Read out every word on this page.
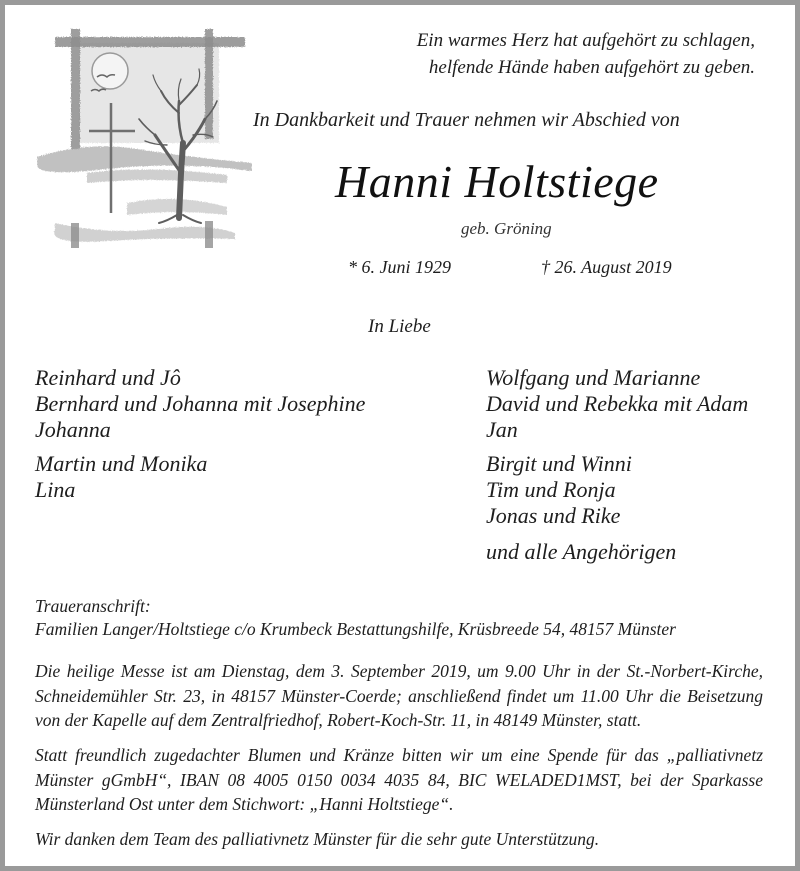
Ein warmes Herz hat aufgehört zu schlagen,
helfende Hände haben aufgehört zu geben.
In Dankbarkeit und Trauer nehmen wir Abschied von
Hanni Holtstiege
geb. Gröning
* 6. Juni 1929	† 26. August 2019
In Liebe
Reinhard und Jô
Bernhard und Johanna mit Josephine
Johanna
Martin und Monika
Lina
Wolfgang und Marianne
David und Rebekka mit Adam
Jan
Birgit und Winni
Tim und Ronja
Jonas und Rike
und alle Angehörigen
Traueranschrift:
Familien Langer/Holtstiege c/o Krumbeck Bestattungshilfe, Krüsbreede 54, 48157 Münster
Die heilige Messe ist am Dienstag, dem 3. September 2019, um 9.00 Uhr in der St.-Norbert-Kirche, Schneidemühler Str. 23, in 48157 Münster-Coerde; anschließend findet um 11.00 Uhr die Beisetzung von der Kapelle auf dem Zentralfriedhof, Robert-Koch-Str. 11, in 48149 Münster, statt.
Statt freundlich zugedachter Blumen und Kränze bitten wir um eine Spende für das „palliativnetz Münster gGmbH“, IBAN 08 4005 0150 0034 4035 84, BIC WELADED1MST, bei der Sparkasse Münsterland Ost unter dem Stichwort: „Hanni Holtstiege“.
Wir danken dem Team des palliativnetz Münster für die sehr gute Unterstützung.
